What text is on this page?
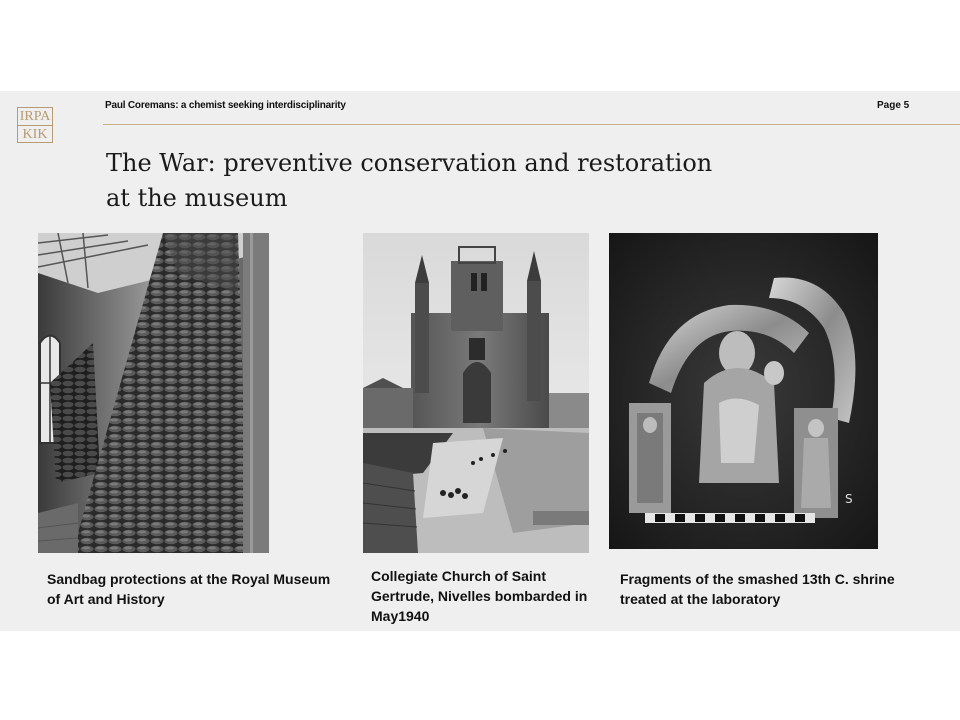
IRPA
KIK
Paul Coremans: a chemist seeking interdisciplinarity	Page 5
The War: preventive conservation and restoration
at the museum
S
Sandbag protections at the Royal Museum of Art and History
Collegiate Church of Saint Gertrude, Nivelles bombarded in May1940
Fragments of the smashed 13th C. shrine treated at the laboratory
